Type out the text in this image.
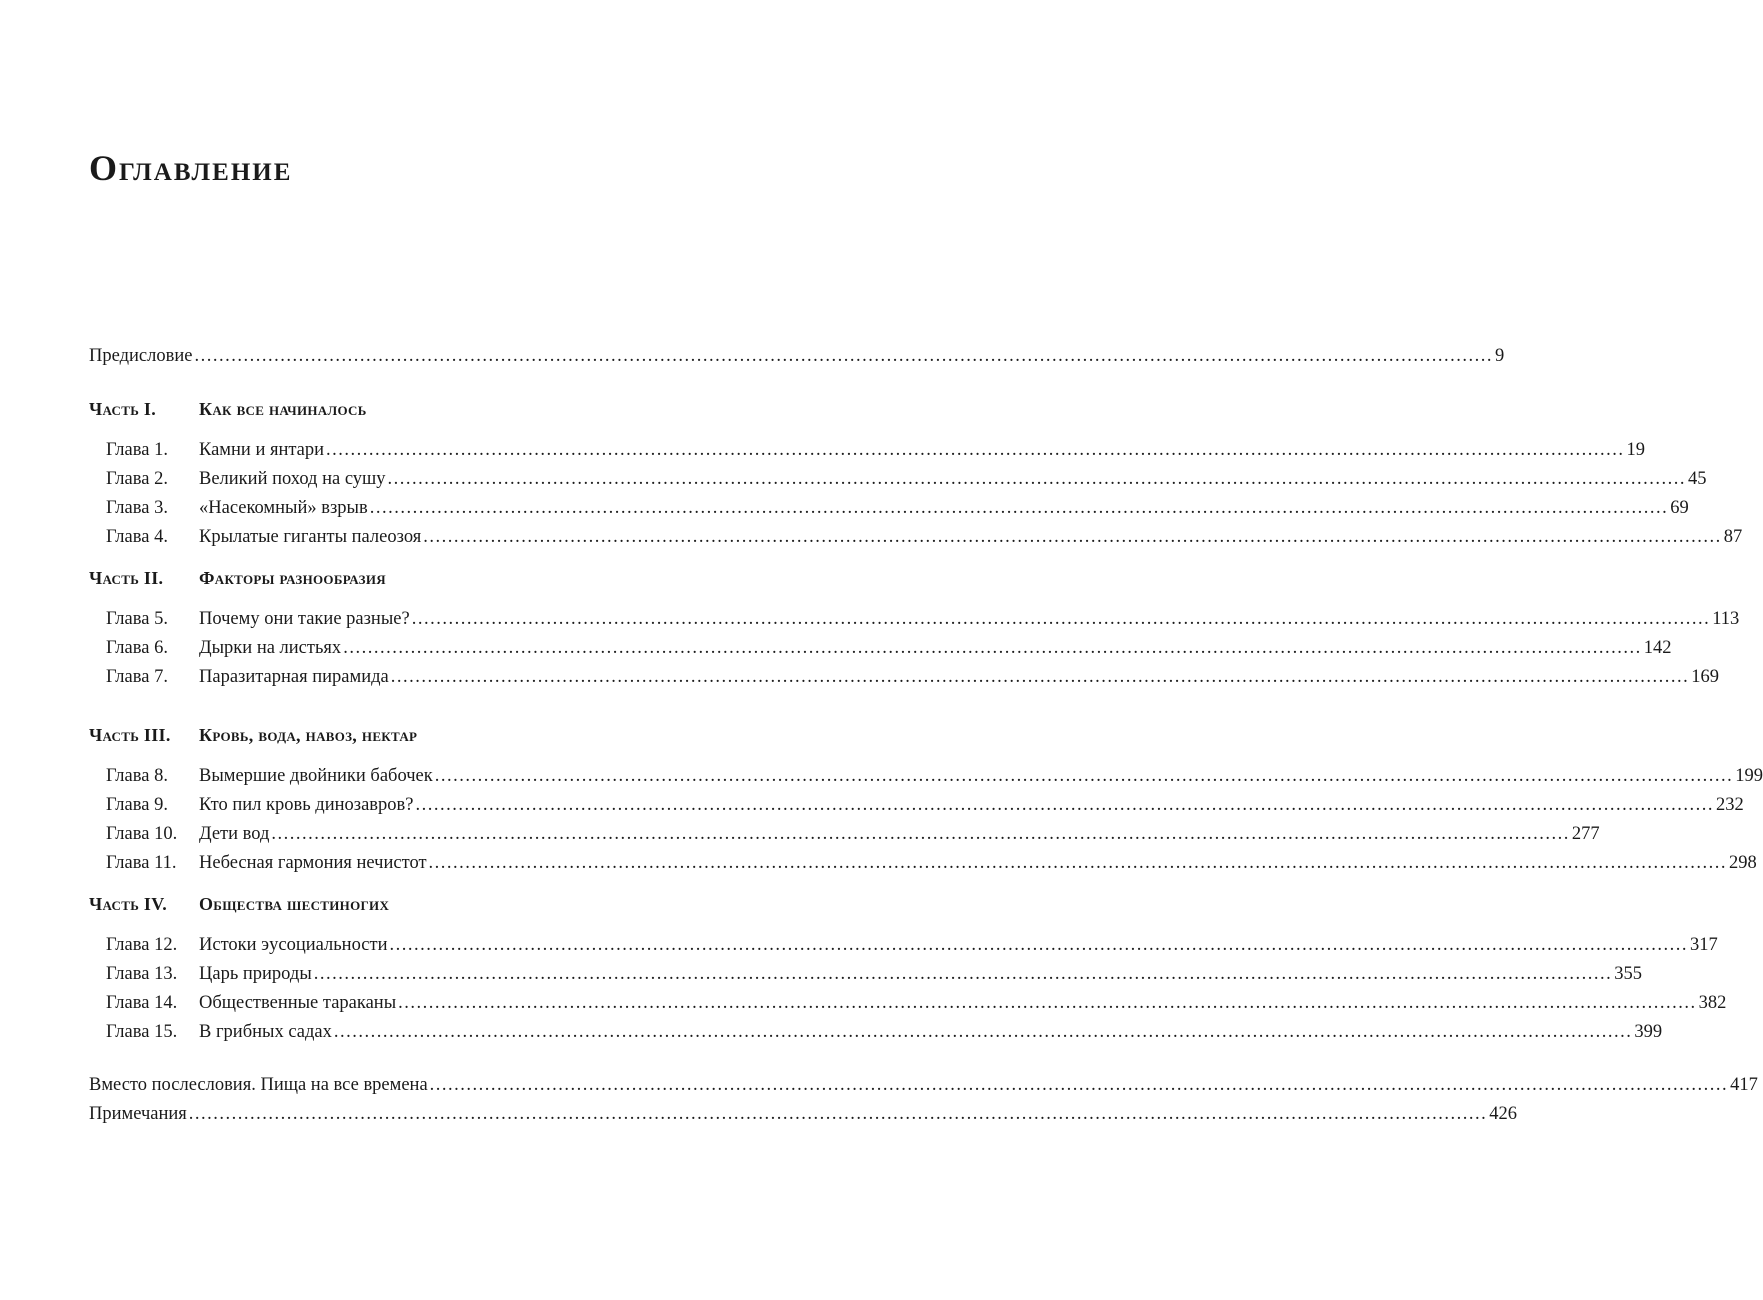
Оглавление
Предисловие .....	9
Часть I.	Как все начиналось
Глава 1.	Камни и янтари .....	19
Глава 2.	Великий поход на сушу .....	45
Глава 3.	«Насекомный» взрыв .....	69
Глава 4.	Крылатые гиганты палеозоя .....	87
Часть II.	Факторы разнообразия
Глава 5.	Почему они такие разные? .....	113
Глава 6.	Дырки на листьях .....	142
Глава 7.	Паразитарная пирамида .....	169
Часть III.	Кровь, вода, навоз, нектар
Глава 8.	Вымершие двойники бабочек .....	199
Глава 9.	Кто пил кровь динозавров? .....	232
Глава 10.	Дети вод .....	277
Глава 11.	Небесная гармония нечистот .....	298
Часть IV.	Общества шестиногих
Глава 12.	Истоки эусоциальности .....	317
Глава 13.	Царь природы .....	355
Глава 14.	Общественные тараканы .....	382
Глава 15.	В грибных садах .....	399
Вместо послесловия. Пища на все времена .....	417
Примечания .....	426
